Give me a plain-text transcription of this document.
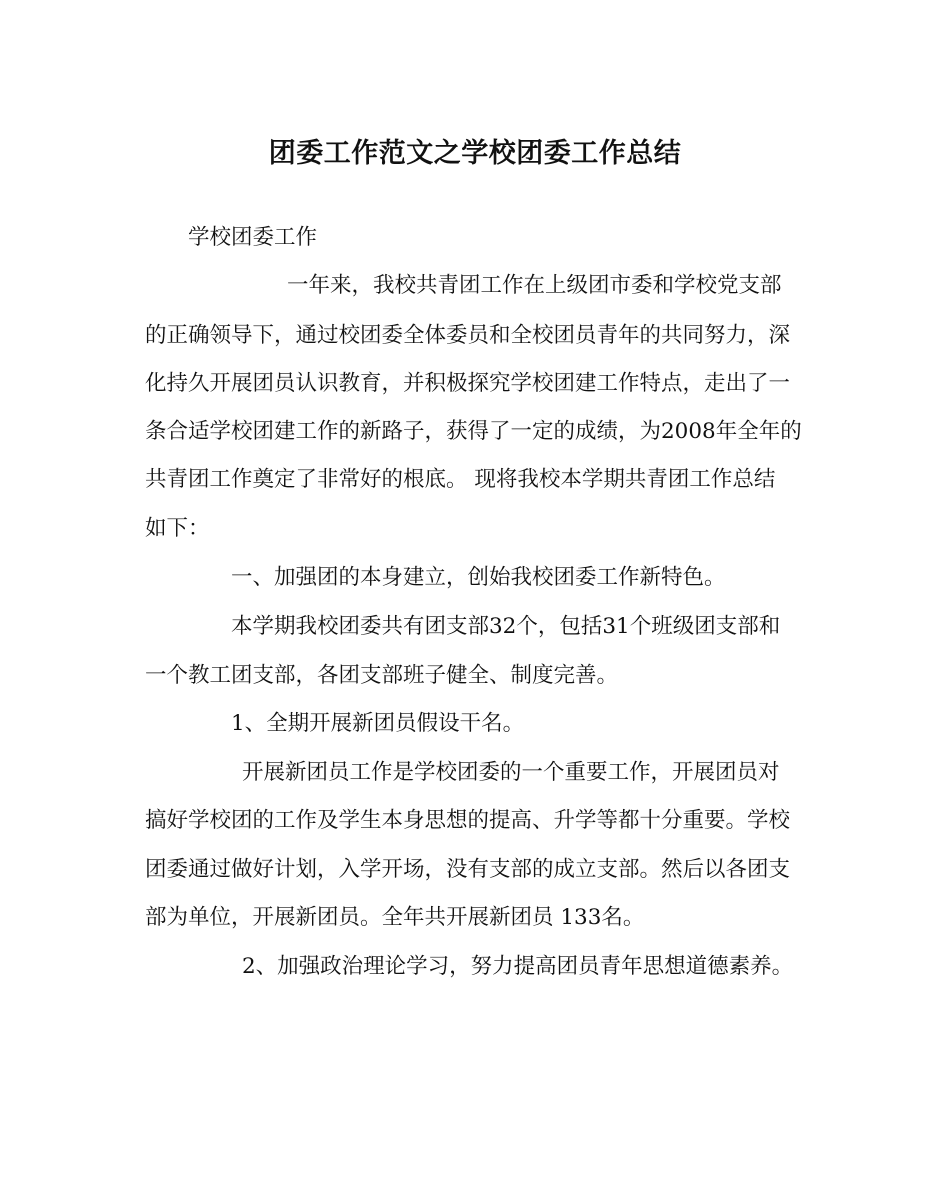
团委工作范文之学校团委工作总结
学校团委工作
一年来，我校共青团工作在上级团市委和学校党支部
的正确领导下，通过校团委全体委员和全校团员青年的共同努力，深
化持久开展团员认识教育，并积极探究学校团建工作特点，走出了一
条合适学校团建工作的新路子，获得了一定的成绩，为2008年全年的
共青团工作奠定了非常好的根底。 现将我校本学期共青团工作总结
如下：
一、加强团的本身建立，创始我校团委工作新特色。
本学期我校团委共有团支部32个，包括31个班级团支部和
一个教工团支部，各团支部班子健全、制度完善。
1、全期开展新团员假设干名。
开展新团员工作是学校团委的一个重要工作，开展团员对
搞好学校团的工作及学生本身思想的提高、升学等都十分重要。学校
团委通过做好计划，入学开场，没有支部的成立支部。然后以各团支
部为单位，开展新团员。全年共开展新团员 133名。
2、加强政治理论学习，努力提高团员青年思想道德素养。
